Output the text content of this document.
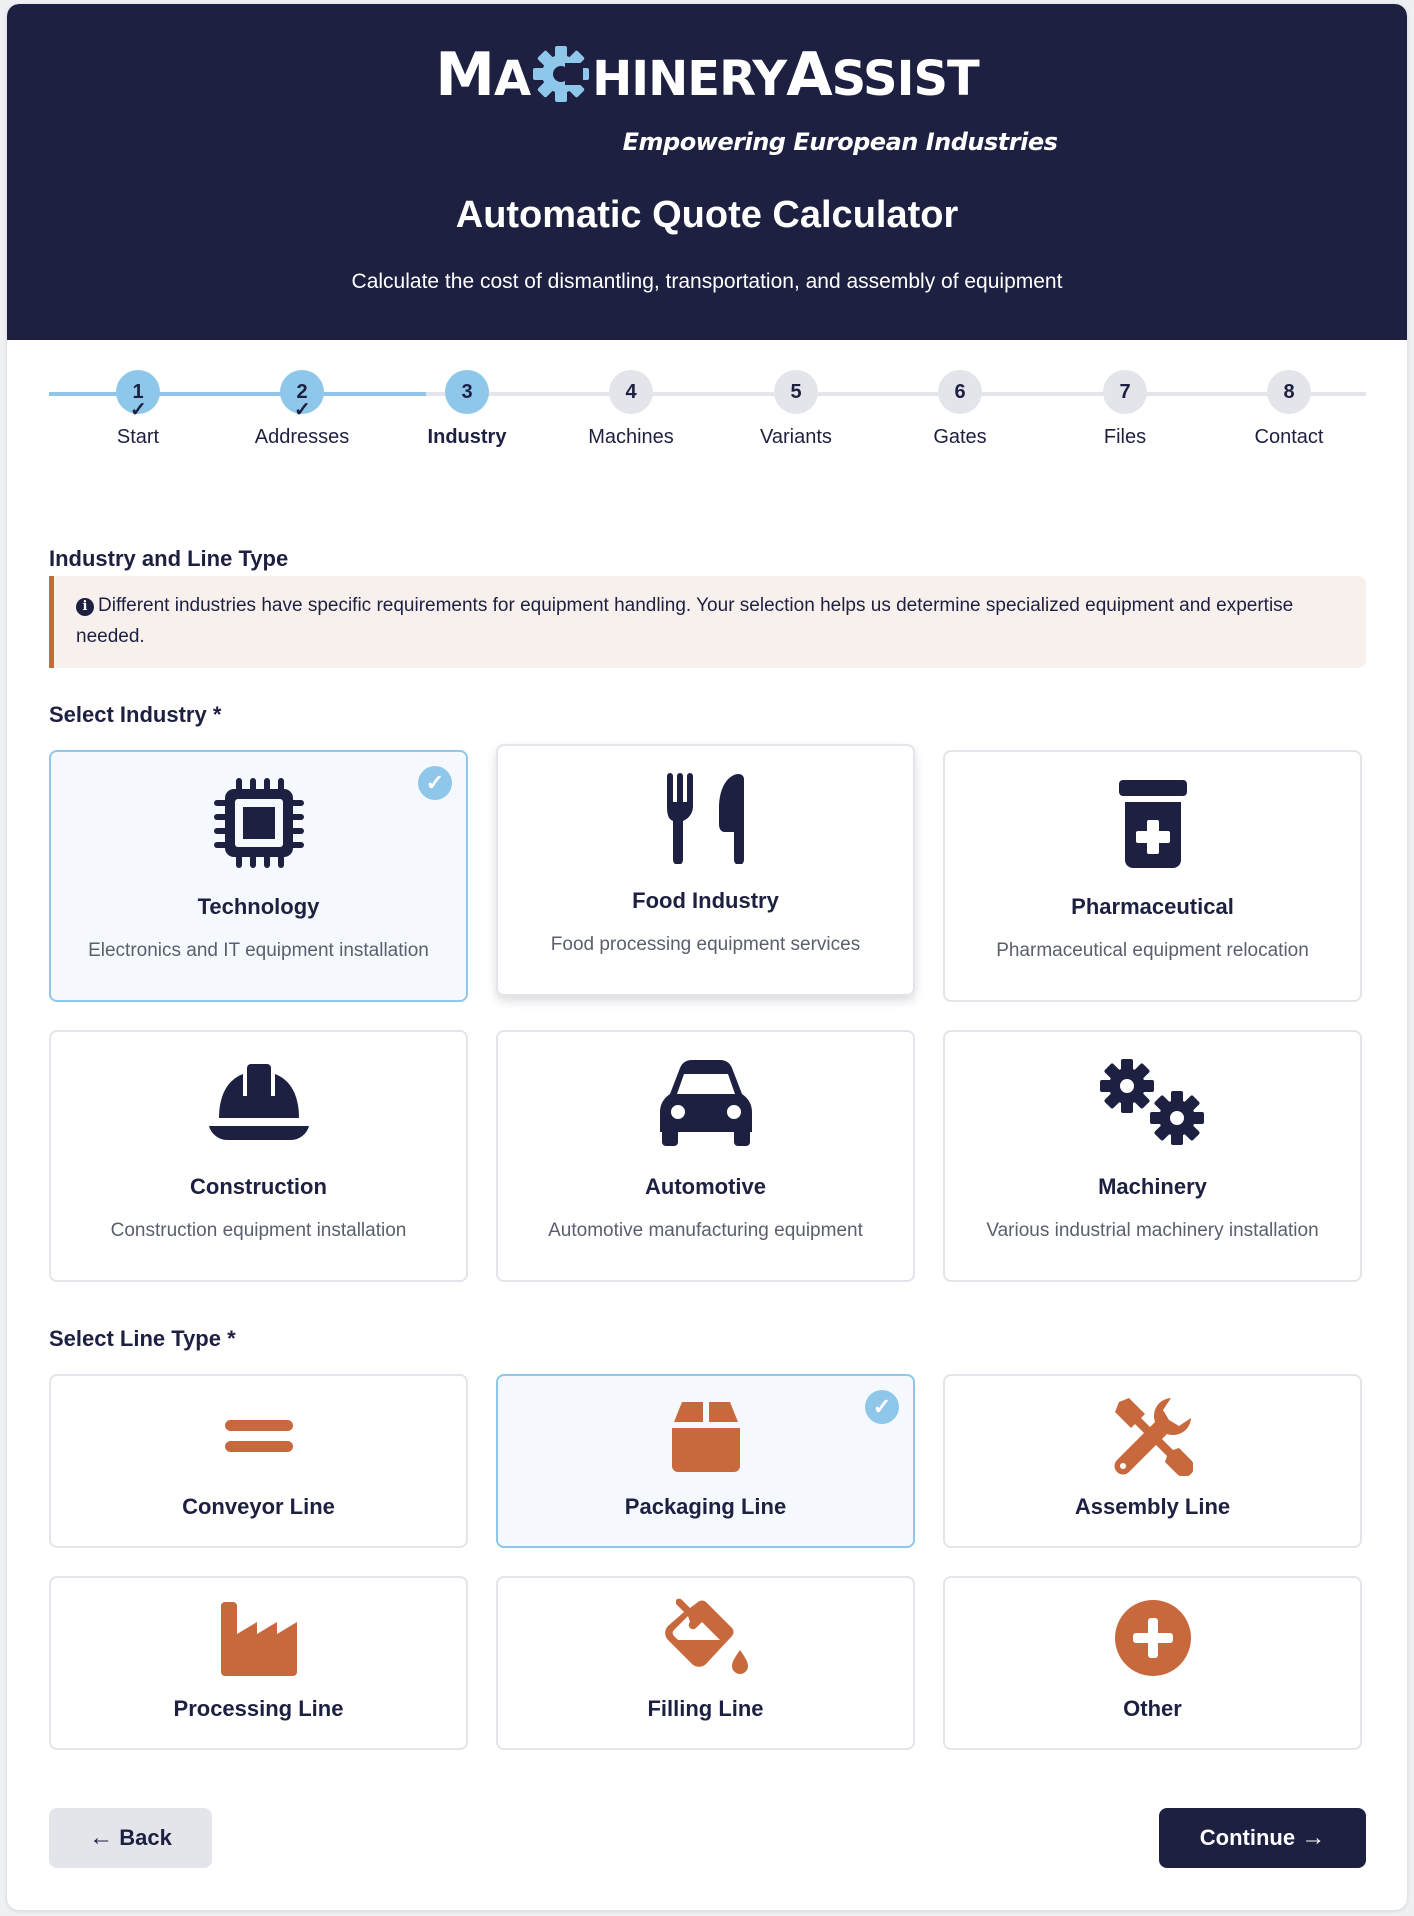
MA HINERYASSIST
Empowering European Industries
Automatic Quote Calculator
Calculate the cost of dismantling, transportation, and assembly of equipment
1
✓
Start
2
✓
Addresses
3
Industry
4
Machines
5
Variants
6
Gates
7
Files
8
Contact
Industry and Line Type
i Different industries have specific requirements for equipment handling. Your selection helps us determine specialized equipment and expertise needed.
Select Industry *
✓
Technology
Electronics and IT equipment installation
Food Industry
Food processing equipment services
Pharmaceutical
Pharmaceutical equipment relocation
Construction
Construction equipment installation
Automotive
Automotive manufacturing equipment
Machinery
Various industrial machinery installation
Select Line Type *
Conveyor Line
✓
Packaging Line	Assembly Line
Processing Line	Filling Line	Other
← Back	Continue →
